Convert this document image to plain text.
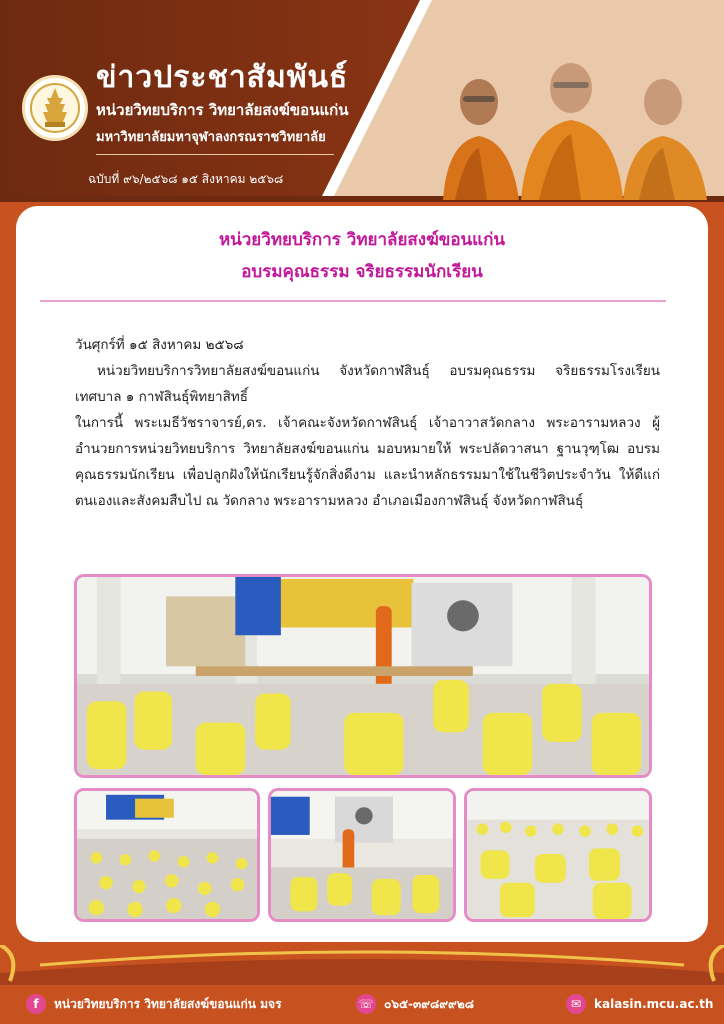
ข่าวประชาสัมพันธ์
หน่วยวิทยบริการ วิทยาลัยสงฆ์ขอนแก่น
มหาวิทยาลัยมหาจุฬาลงกรณราชวิทยาลัย
ฉบับที่ ๙๖/๒๕๖๘ ๑๕ สิงหาคม ๒๕๖๘
หน่วยวิทยบริการ วิทยาลัยสงฆ์ขอนแก่น
อบรมคุณธรรม จริยธรรมนักเรียน

วันศุกร์ที่ ๑๕ สิงหาคม ๒๕๖๘

หน่วยวิทยบริการวิทยาลัยสงฆ์ขอนแก่น จังหวัดกาฬสินธุ์ อบรมคุณธรรม จริยธรรมโรงเรียนเทศบาล ๑ กาฬสินธุ์พิทยาสิทธิ์

ในการนี้ พระเมธีวัชราจารย์,ดร. เจ้าคณะจังหวัดกาฬสินธุ์ เจ้าอาวาสวัดกลาง พระอารามหลวง ผู้อำนวยการหน่วยวิทยบริการ วิทยาลัยสงฆ์ขอนแก่น มอบหมายให้ พระปลัดวาสนา ฐานวุฑฺโฒ อบรมคุณธรรมนักเรียน เพื่อปลูกฝังให้นักเรียนรู้จักสิ่งดีงาม และนำหลักธรรมมาใช้ในชีวิตประจำวัน ให้ดีแก่ตนเองและสังคมสืบไป ณ วัดกลาง พระอารามหลวง อำเภอเมืองกาฬสินธุ์ จังหวัดกาฬสินธุ์

f	หน่วยวิทยบริการ วิทยาลัยสงฆ์ขอนแก่น มจร	☏ ๐๖๕-๓๙๘๙๙๒๘	✉	kalasin.mcu.ac.th
